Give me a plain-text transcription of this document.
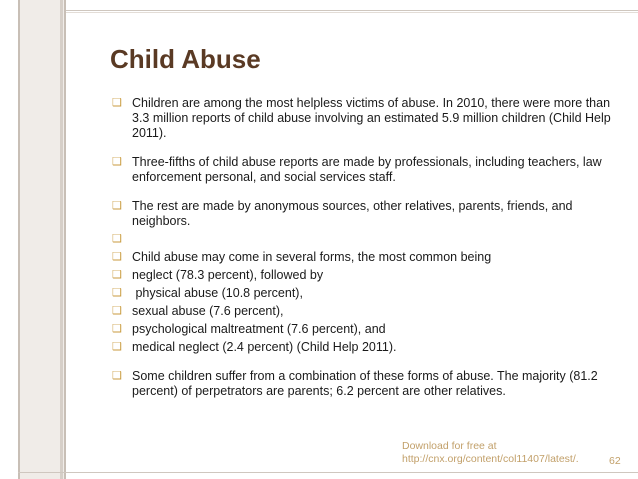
Child Abuse
❑ Children are among the most helpless victims of abuse. In 2010, there were more than 3.3 million reports of child abuse involving an estimated 5.9 million children (Child Help 2011).
❑ Three-fifths of child abuse reports are made by professionals, including teachers, law enforcement personal, and social services staff.
❑ The rest are made by anonymous sources, other relatives, parents, friends, and neighbors.
❑
❑ Child abuse may come in several forms, the most common being
❑ neglect (78.3 percent), followed by
❑ physical abuse (10.8 percent),
❑ sexual abuse (7.6 percent),
❑ psychological maltreatment (7.6 percent), and
❑ medical neglect (2.4 percent) (Child Help 2011).
❑ Some children suffer from a combination of these forms of abuse. The majority (81.2 percent) of perpetrators are parents; 6.2 percent are other relatives.
Download for free at
http://cnx.org/content/col11407/latest/.	62
